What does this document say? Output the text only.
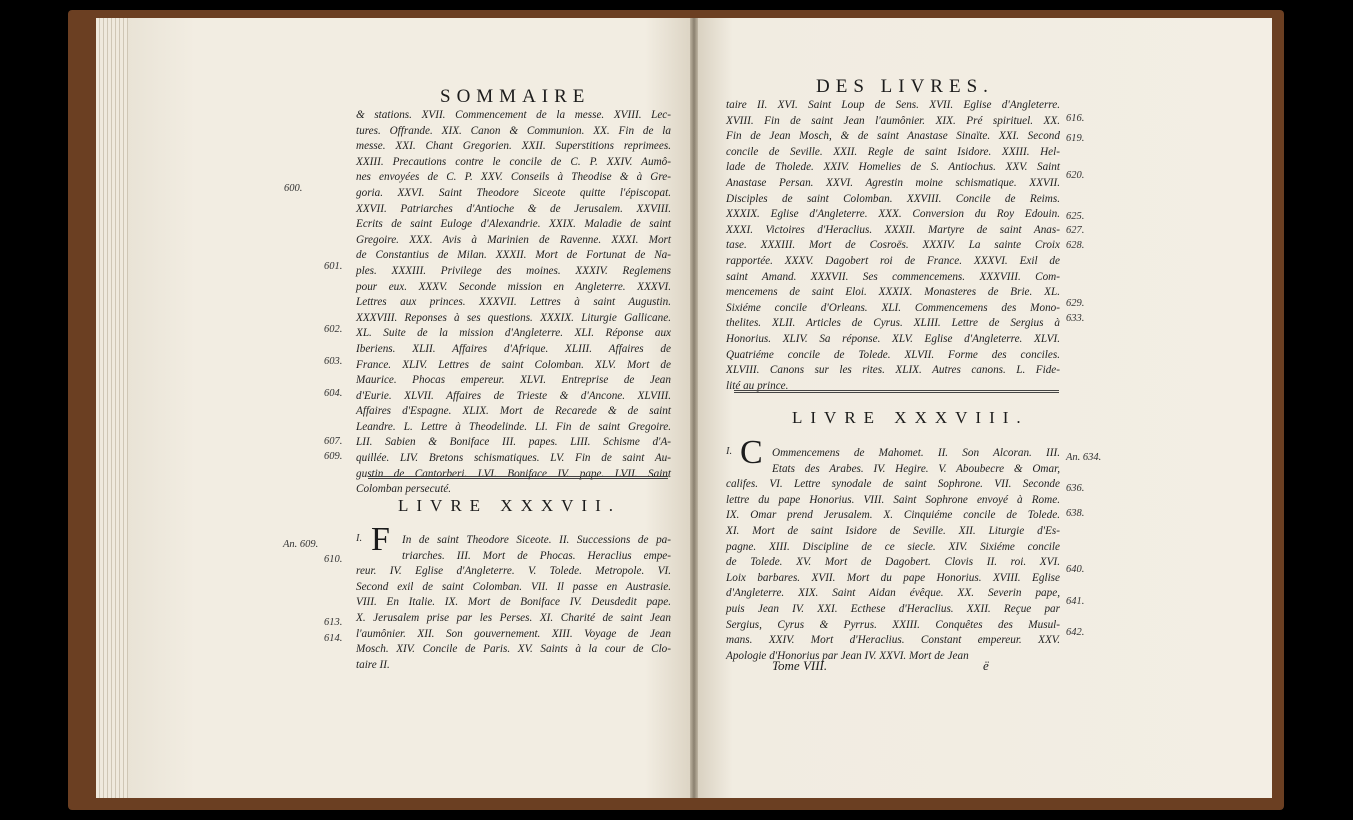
SOMMAIRE
& stations. XVII. Commencement de la messe. XVIII. Lec-
tures. Offrande. XIX. Canon & Communion. XX. Fin de la
messe. XXI. Chant Gregorien. XXII. Superstitions reprimees.
XXIII. Precautions contre le concile de C. P. XXIV. Aumô-
nes envoyées de C. P. XXV. Conseils à Theodise & à Gre-
goria. XXVI. Saint Theodore Siceote quitte l'épiscopat.
XXVII. Patriarches d'Antioche & de Jerusalem. XXVIII.
Ecrits de saint Euloge d'Alexandrie. XXIX. Maladie de saint
Gregoire. XXX. Avis à Marinien de Ravenne. XXXI. Mort
de Constantius de Milan. XXXII. Mort de Fortunat de Na-
ples. XXXIII. Privilege des moines. XXXIV. Reglemens
pour eux. XXXV. Seconde mission en Angleterre. XXXVI.
Lettres aux princes. XXXVII. Lettres à saint Augustin.
XXXVIII. Reponses à ses questions. XXXIX. Liturgie Gallicane.
XL. Suite de la mission d'Angleterre. XLI. Réponse aux
Iberiens. XLII. Affaires d'Afrique. XLIII. Affaires de
France. XLIV. Lettres de saint Colomban. XLV. Mort de
Maurice. Phocas empereur. XLVI. Entreprise de Jean
d'Eurie. XLVII. Affaires de Trieste & d'Ancone. XLVIII.
Affaires d'Espagne. XLIX. Mort de Recarede & de saint
Leandre. L. Lettre à Theodelinde. LI. Fin de saint Gregoire.
LII. Sabien & Boniface III. papes. LIII. Schisme d'A-
quillée. LIV. Bretons schismatiques. LV. Fin de saint Au-
gustin de Cantorberi. LVI. Boniface IV. pape. LVII. Saint
Colomban persecuté.
600.
601.
602.
603.
604.
607.
609.
LIVRE XXXVII.
I. F	In de saint Theodore Siceote. II. Successions de pa-
triarches. III. Mort de Phocas. Heraclius empe-
reur. IV. Eglise d'Angleterre. V. Tolede. Metropole. VI.
Second exil de saint Colomban. VII. Il passe en Austrasie.
VIII. En Italie. IX. Mort de Boniface IV. Deusdedit pape.
X. Jerusalem prise par les Perses. XI. Charité de saint Jean
l'aumônier. XII. Son gouvernement. XIII. Voyage de Jean
Mosch. XIV. Concile de Paris. XV. Saints à la cour de Clo-
taire II.
An. 609.
610.
613.
614.
DES LIVRES.
taire II. XVI. Saint Loup de Sens. XVII. Eglise d'Angleterre.
XVIII. Fin de saint Jean l'aumônier. XIX. Pré spirituel. XX.
Fin de Jean Mosch, & de saint Anastase Sinaïte. XXI. Second
concile de Seville. XXII. Regle de saint Isidore. XXIII. Hel-
lade de Tholede. XXIV. Homelies de S. Antiochus. XXV. Saint
Anastase Persan. XXVI. Agrestin moine schismatique. XXVII.
Disciples de saint Colomban. XXVIII. Concile de Reims.
XXXIX. Eglise d'Angleterre. XXX. Conversion du Roy Edouin.
XXXI. Victoires d'Heraclius. XXXII. Martyre de saint Anas-
tase. XXXIII. Mort de Cosroës. XXXIV. La sainte Croix
rapportée. XXXV. Dagobert roi de France. XXXVI. Exil de
saint Amand. XXXVII. Ses commencemens. XXXVIII. Com-
mencemens de saint Eloi. XXXIX. Monasteres de Brie. XL.
Sixiéme concile d'Orleans. XLI. Commencemens des Mono-
thelites. XLII. Articles de Cyrus. XLIII. Lettre de Sergius à
Honorius. XLIV. Sa réponse. XLV. Eglise d'Angleterre. XLVI.
Quatriéme concile de Tolede. XLVII. Forme des conciles.
XLVIII. Canons sur les rites. XLIX. Autres canons. L. Fide-
lité au prince.
616.
619.
620.
625.
627.
628.
629.
633.
LIVRE XXXVIII.
I. C Ommencemens de Mahomet. II. Son Alcoran. III.
Etats des Arabes. IV. Hegire. V. Aboubecre & Omar,
califes. VI. Lettre synodale de saint Sophrone. VII. Seconde
lettre du pape Honorius. VIII. Saint Sophrone envoyé à Rome.
IX. Omar prend Jerusalem. X. Cinquiéme concile de Tolede.
XI. Mort de saint Isidore de Seville. XII. Liturgie d'Es-
pagne. XIII. Discipline de ce siecle. XIV. Sixiéme concile
de Tolede. XV. Mort de Dagobert. Clovis II. roi. XVI.
Loix barbares. XVII. Mort du pape Honorius. XVIII. Eglise
d'Angleterre. XIX. Saint Aidan évêque. XX. Severin pape,
puis Jean IV. XXI. Ecthese d'Heraclius. XXII. Reçue par
Sergius, Cyrus & Pyrrus. XXIII. Conquêtes des Musul-
mans. XXIV. Mort d'Heraclius. Constant empereur. XXV.
Apologie d'Honorius par Jean IV. XXVI. Mort de Jean
An. 634.
636.
638.
640.
641.
642.
Tome VIII.	ë
